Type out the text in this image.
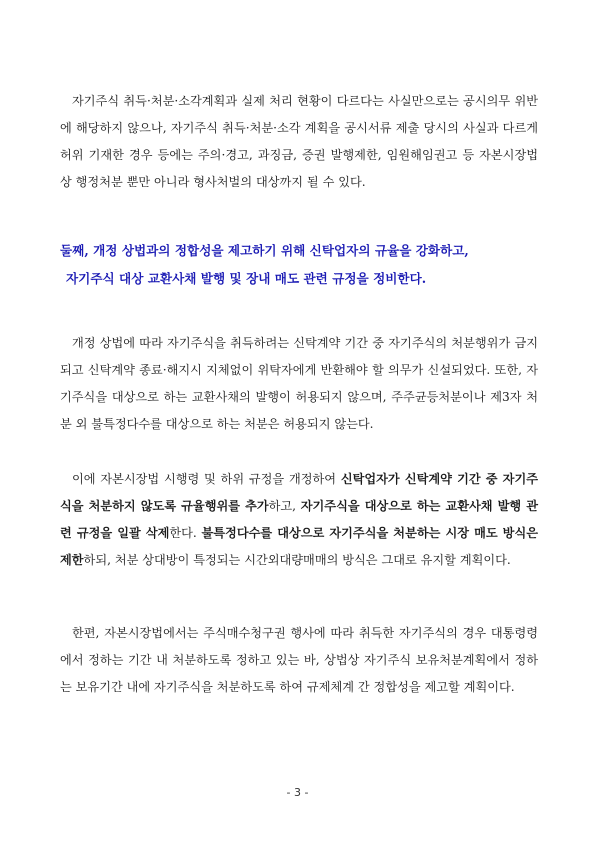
자기주식 취득·처분·소각계획과 실제 처리 현황이 다르다는 사실만으로는 공시의무 위반에 해당하지 않으나, 자기주식 취득·처분·소각 계획을 공시서류 제출 당시의 사실과 다르게 허위 기재한 경우 등에는 주의·경고, 과징금, 증권 발행제한, 임원해임권고 등 자본시장법상 행정처분 뿐만 아니라 형사처벌의 대상까지 될 수 있다.

둘째, 개정 상법과의 정합성을 제고하기 위해 신탁업자의 규율을 강화하고,
자기주식 대상 교환사채 발행 및 장내 매도 관련 규정을 정비한다.

개정 상법에 따라 자기주식을 취득하려는 신탁계약 기간 중 자기주식의 처분행위가 금지되고 신탁계약 종료·해지시 지체없이 위탁자에게 반환해야 할 의무가 신설되었다. 또한, 자기주식을 대상으로 하는 교환사채의 발행이 허용되지 않으며, 주주균등처분이나 제3자 처분 외 불특정다수를 대상으로 하는 처분은 허용되지 않는다.

이에 자본시장법 시행령 및 하위 규정을 개정하여 신탁업자가 신탁계약 기간 중 자기주식을 처분하지 않도록 규율행위를 추가하고, 자기주식을 대상으로 하는 교환사채 발행 관련 규정을 일괄 삭제한다. 불특정다수를 대상으로 자기주식을 처분하는 시장 매도 방식은 제한하되, 처분 상대방이 특정되는 시간외대량매매의 방식은 그대로 유지할 계획이다.

한편, 자본시장법에서는 주식매수청구권 행사에 따라 취득한 자기주식의 경우 대통령령에서 정하는 기간 내 처분하도록 정하고 있는 바, 상법상 자기주식 보유처분계획에서 정하는 보유기간 내에 자기주식을 처분하도록 하여 규제체계 간 정합성을 제고할 계획이다.

- 3 -
